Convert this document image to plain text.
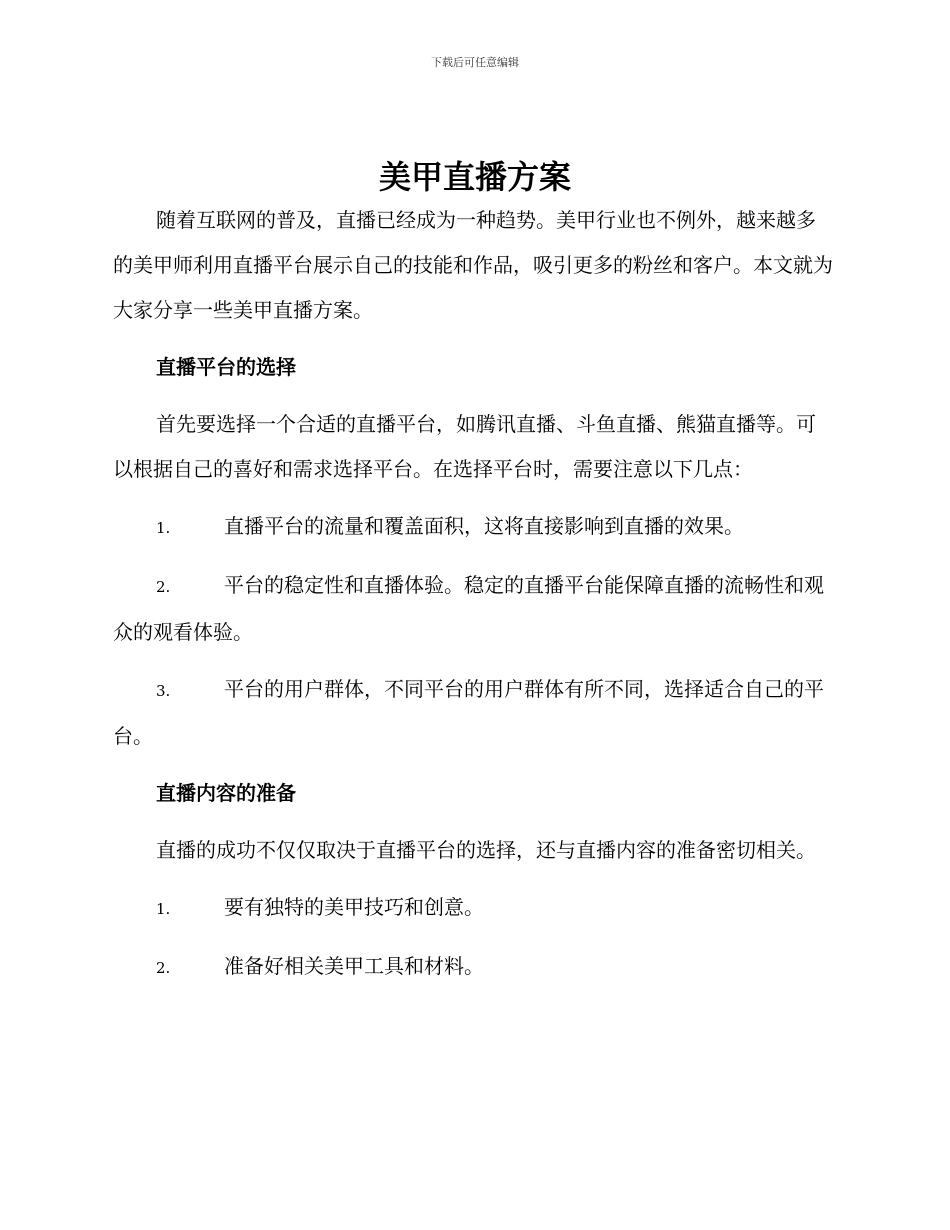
下载后可任意编辑
美甲直播方案

随着互联网的普及，直播已经成为一种趋势。美甲行业也不例外，越来越多的美甲师利用直播平台展示自己的技能和作品，吸引更多的粉丝和客户。本文就为大家分享一些美甲直播方案。

直播平台的选择

首先要选择一个合适的直播平台，如腾讯直播、斗鱼直播、熊猫直播等。可以根据自己的喜好和需求选择平台。在选择平台时，需要注意以下几点：

1.	直播平台的流量和覆盖面积，这将直接影响到直播的效果。

2.	平台的稳定性和直播体验。稳定的直播平台能保障直播的流畅性和观众的观看体验。

3.	平台的用户群体，不同平台的用户群体有所不同，选择适合自己的平台。

直播内容的准备

直播的成功不仅仅取决于直播平台的选择，还与直播内容的准备密切相关。

1.	要有独特的美甲技巧和创意。

2.	准备好相关美甲工具和材料。
